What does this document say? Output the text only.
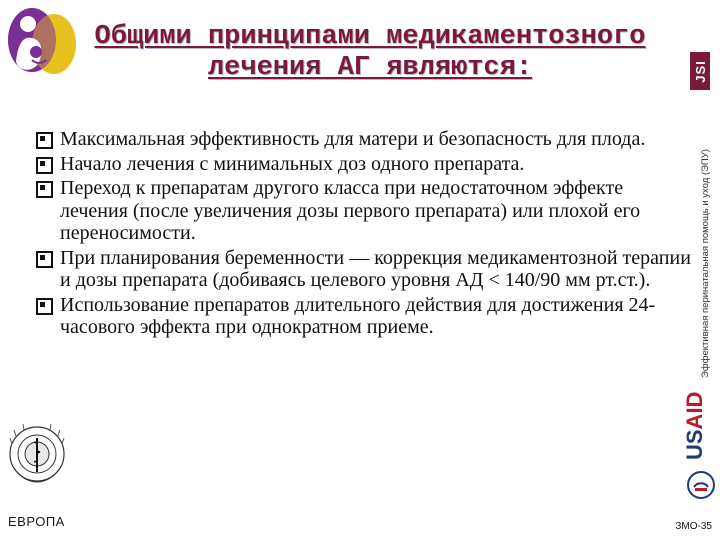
Общими принципами медикаментозного
лечения АГ являются:	JSI
Эффективная перинатальная помощь и уход (ЭПУ)
Максимальная эффективность для матери и безопасность для плода.
Начало лечения с минимальных доз одного препарата.
Переход к препаратам другого класса при недостаточном эффекте лечения (после увеличения дозы первого препарата) или плохой его переносимости.
При планирования беременности — коррекция медикаментозной терапии и дозы препарата (добиваясь целевого уровня АД < 140/90 мм рт.ст.).
Использование препаратов длительного действия для достижения 24-часового эффекта при однократном приеме.
USAID
ЕВРОПА	ЗМО-35
